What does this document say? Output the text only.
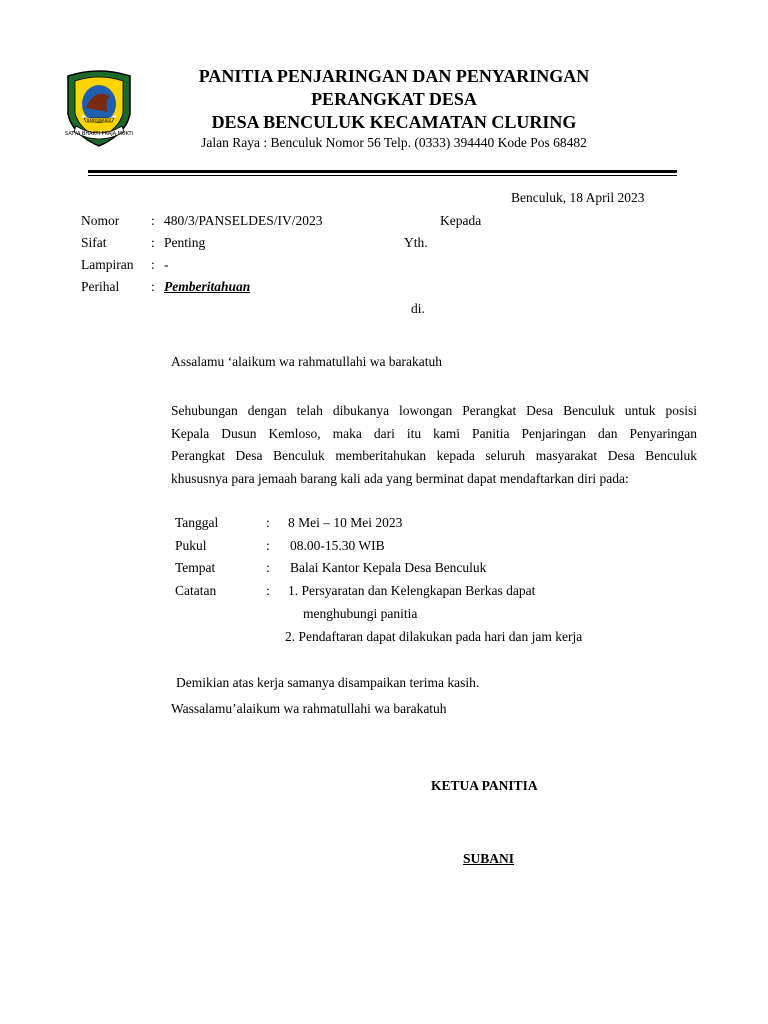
SATYA BHAKTI PRAJA MUKTI
BANYUWANGI
PANITIA PENJARINGAN DAN PENYARINGAN
PERANGKAT DESA
DESA BENCULUK KECAMATAN CLURING
Jalan Raya : Benculuk Nomor 56 Telp. (0333) 394440 Kode Pos 68482
Benculuk, 18 April 2023
Nomor : 480/3/PANSELDES/IV/2023	Kepada
Sifat	: Penting	Yth.
Lampiran : -
Perihal : Pemberitahuan
di.
Assalamu ‘alaikum wa rahmatullahi wa barakatuh
Sehubungan dengan telah dibukanya lowongan Perangkat Desa Benculuk untuk posisi
Kepala Dusun Kemloso, maka dari itu kami Panitia Penjaringan dan Penyaringan
Perangkat Desa Benculuk memberitahukan kepada seluruh masyarakat Desa Benculuk
khususnya para jemaah barang kali ada yang berminat dapat mendaftarkan diri pada:
Tanggal	: 8 Mei – 10 Mei 2023
Pukul	: 08.00-15.30 WIB
Tempat	: Balai Kantor Kepala Desa Benculuk
Catatan	: 1. Persyaratan dan Kelengkapan Berkas dapat
menghubungi panitia
2. Pendaftaran dapat dilakukan pada hari dan jam kerja
Demikian atas kerja samanya disampaikan terima kasih.
Wassalamu’alaikum wa rahmatullahi wa barakatuh
KETUA PANITIA
SUBANI
